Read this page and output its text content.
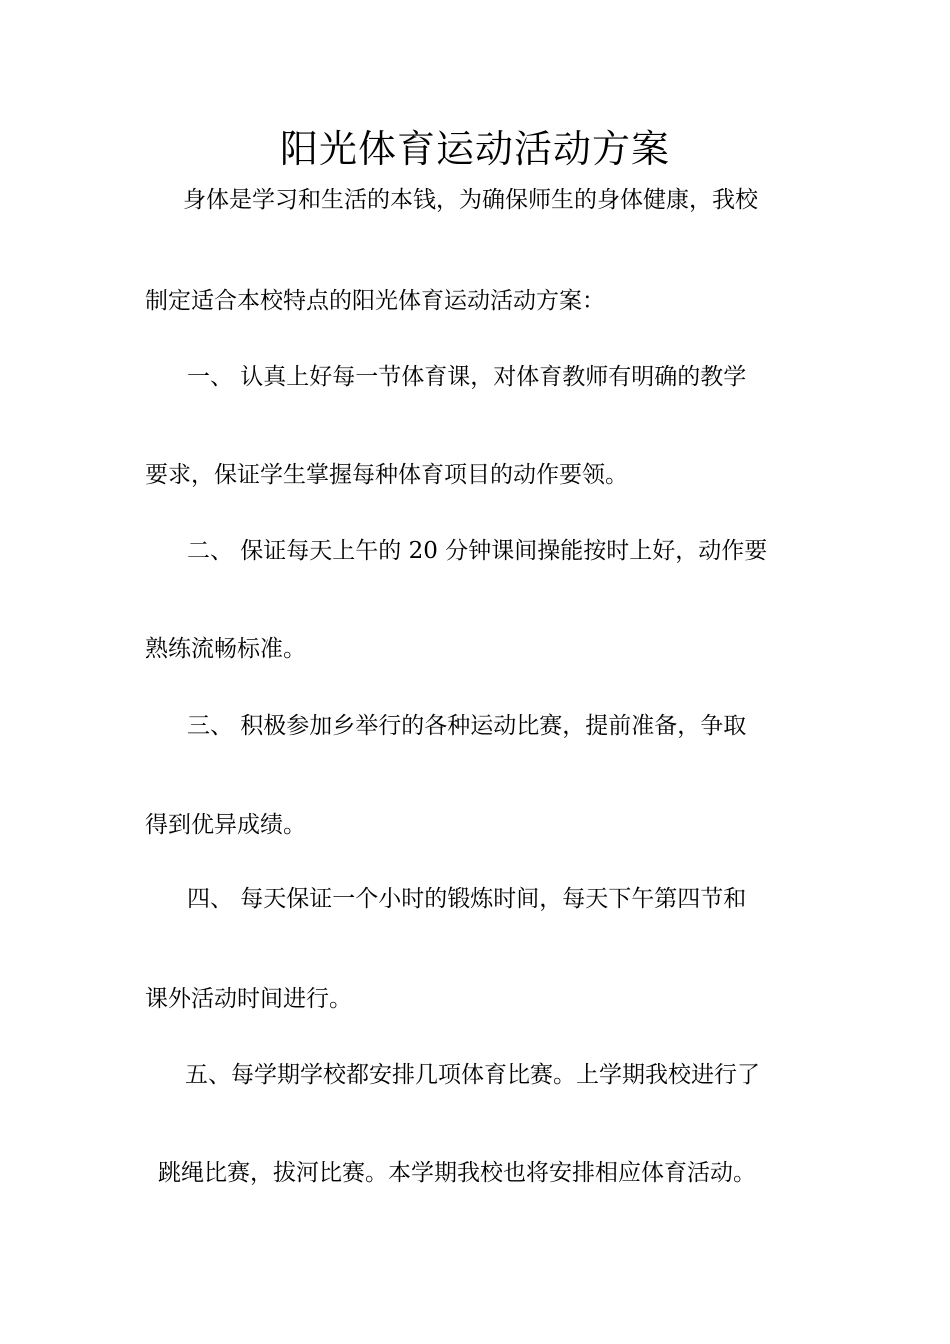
阳光体育运动活动方案

身体是学习和生活的本钱，为确保师生的身体健康，我校

制定适合本校特点的阳光体育运动活动方案：

一、 认真上好每一节体育课，对体育教师有明确的教学

要求，保证学生掌握每种体育项目的动作要领。

二、 保证每天上午的 20 分钟课间操能按时上好，动作要

熟练流畅标准。

三、 积极参加乡举行的各种运动比赛，提前准备，争取

得到优异成绩。

四、 每天保证一个小时的锻炼时间，每天下午第四节和

课外活动时间进行。

五、每学期学校都安排几项体育比赛。上学期我校进行了

跳绳比赛，拔河比赛。本学期我校也将安排相应体育活动。
